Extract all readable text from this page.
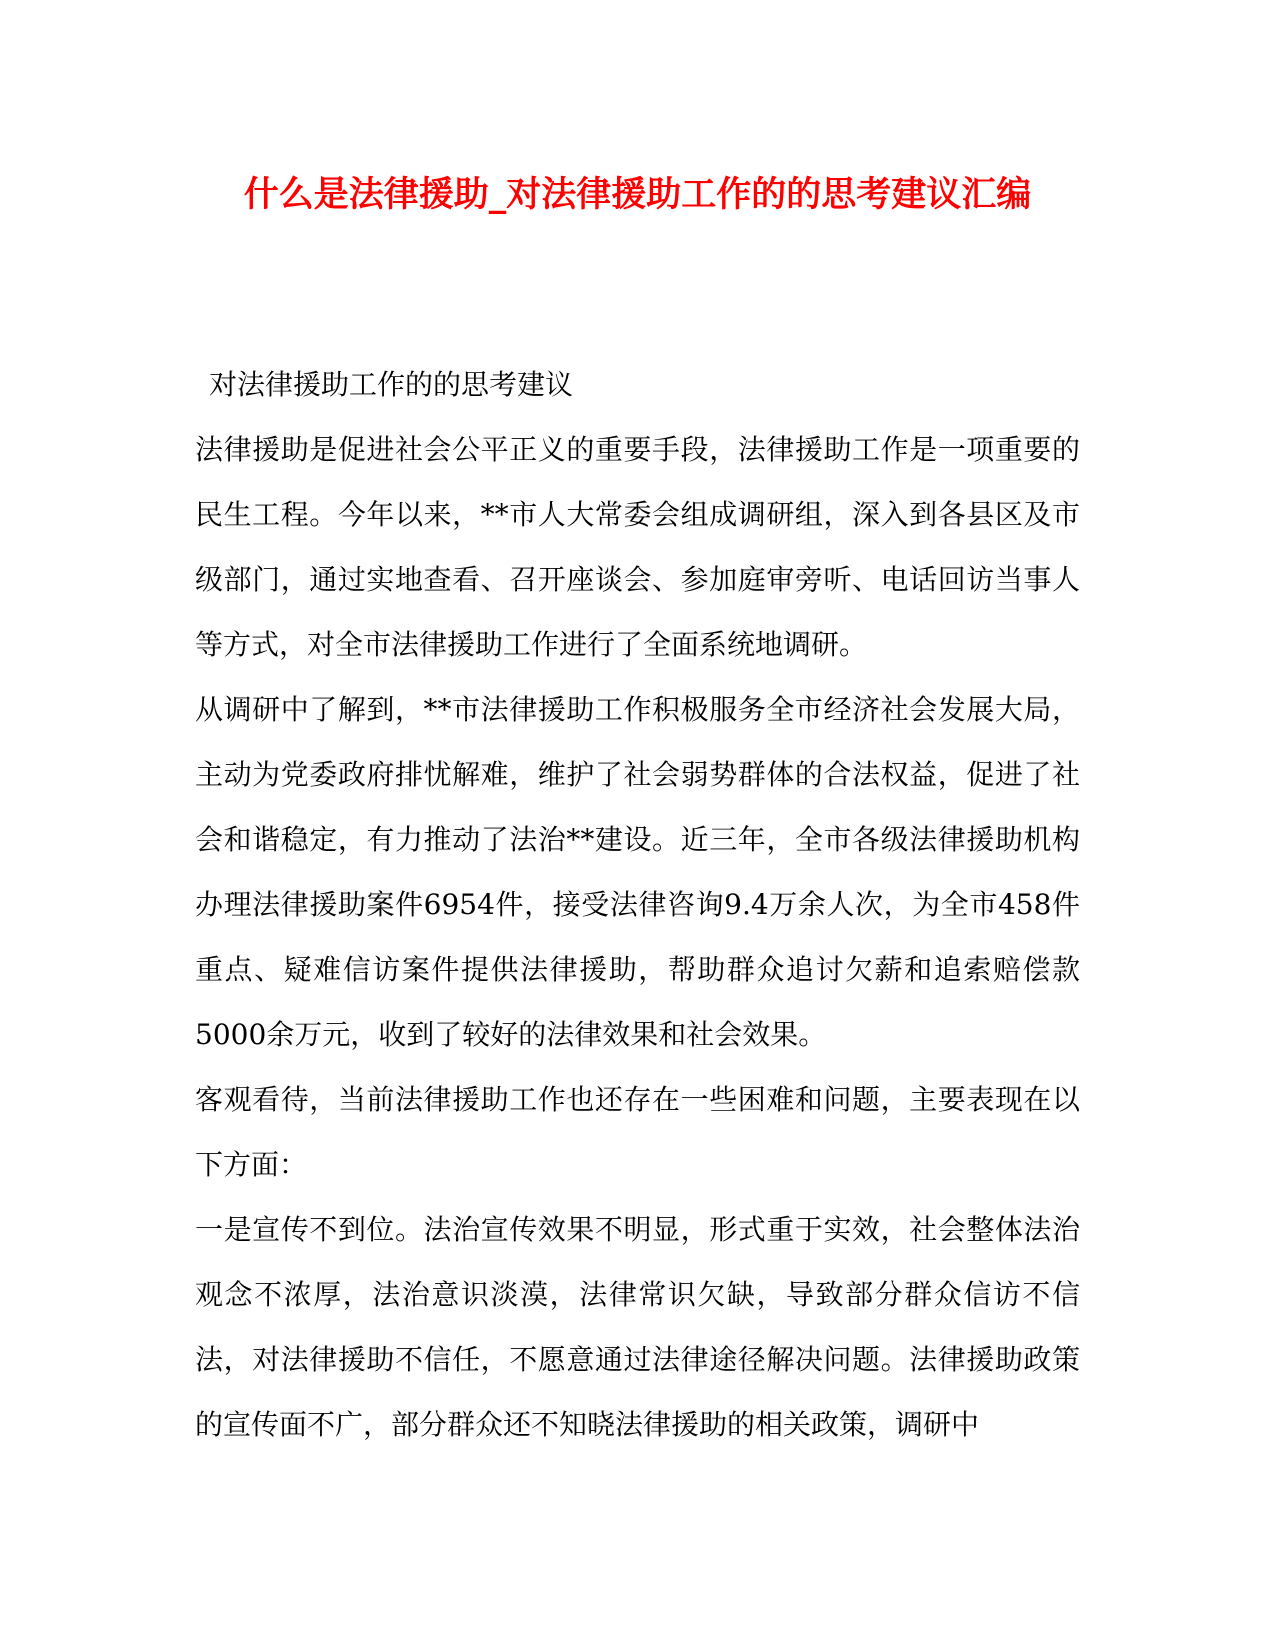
什么是法律援助_对法律援助工作的的思考建议汇编

对法律援助工作的的思考建议

法律援助是促进社会公平正义的重要手段，法律援助工作是一项重要的民生工程。今年以来，**市人大常委会组成调研组，深入到各县区及市级部门，通过实地查看、召开座谈会、参加庭审旁听、电话回访当事人等方式，对全市法律援助工作进行了全面系统地调研。

从调研中了解到，**市法律援助工作积极服务全市经济社会发展大局，主动为党委政府排忧解难，维护了社会弱势群体的合法权益，促进了社会和谐稳定，有力推动了法治**建设。近三年，全市各级法律援助机构办理法律援助案件6954件，接受法律咨询9.4万余人次，为全市458件重点、疑难信访案件提供法律援助，帮助群众追讨欠薪和追索赔偿款5000余万元，收到了较好的法律效果和社会效果。

客观看待，当前法律援助工作也还存在一些困难和问题，主要表现在以下方面：

一是宣传不到位。法治宣传效果不明显，形式重于实效，社会整体法治观念不浓厚，法治意识淡漠，法律常识欠缺，导致部分群众信访不信法，对法律援助不信任，不愿意通过法律途径解决问题。法律援助政策的宣传面不广，部分群众还不知晓法律援助的相关政策，调研中
